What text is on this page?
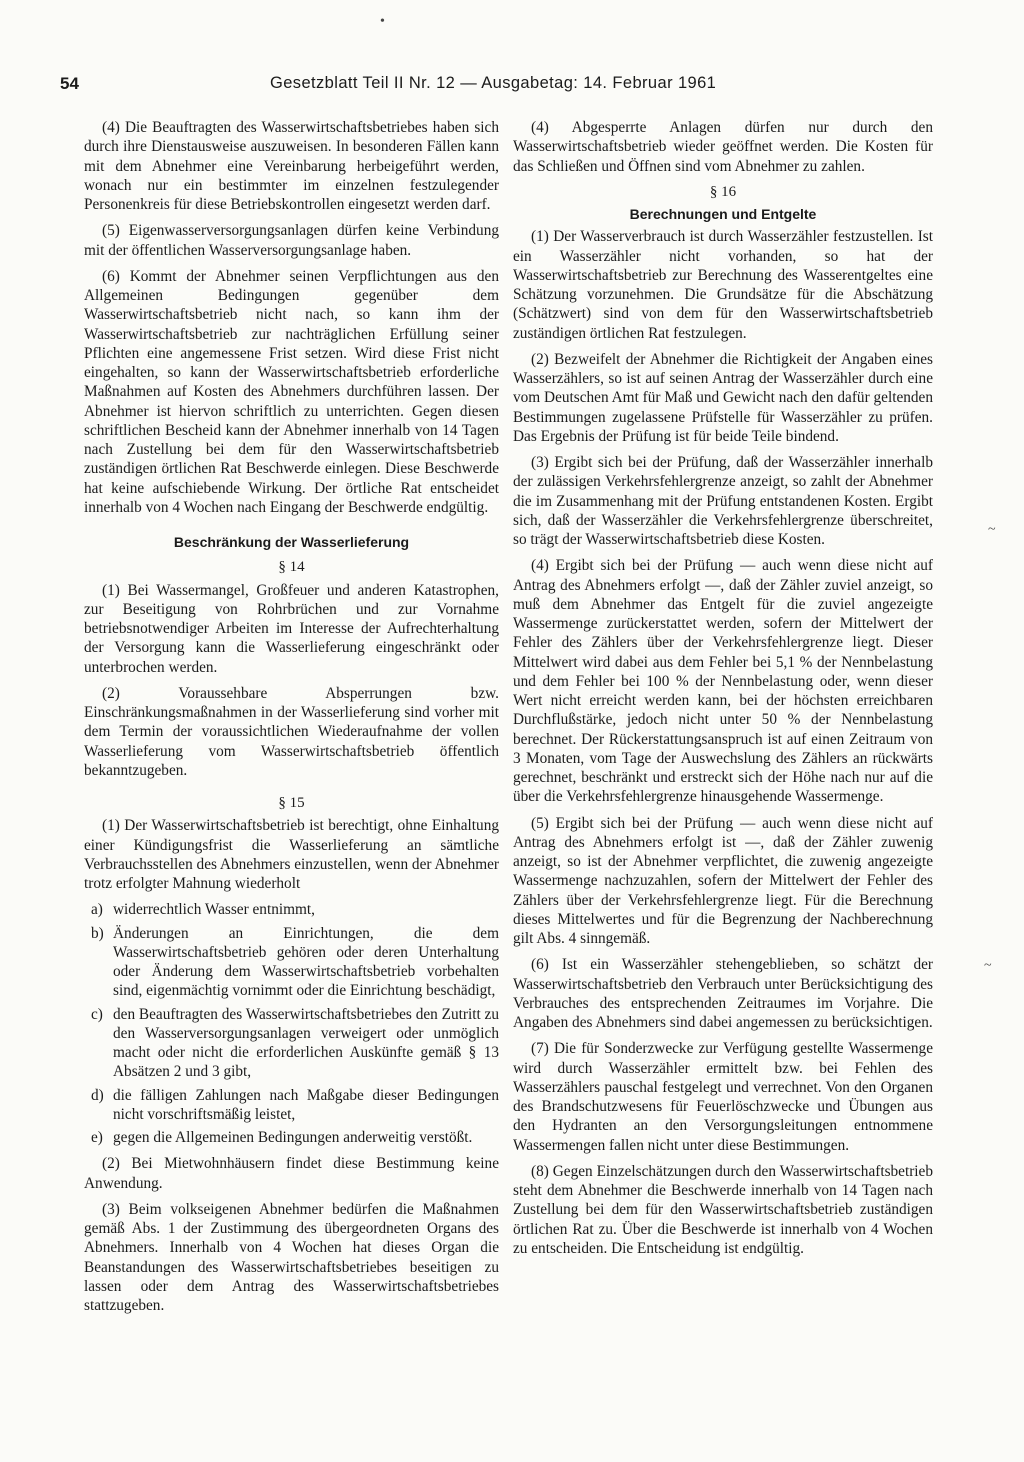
54	Gesetzblatt Teil II Nr. 12 — Ausgabetag: 14. Februar 1961
•
~
~

(4) Die Beauftragten des Wasserwirtschaftsbetriebes haben sich durch ihre Dienstausweise auszuweisen. In besonderen Fällen kann mit dem Abnehmer eine Vereinbarung herbeigeführt werden, wonach nur ein bestimmter im einzelnen festzulegender Personenkreis für diese Betriebskontrollen eingesetzt werden darf.

(5) Eigenwasserversorgungsanlagen dürfen keine Verbindung mit der öffentlichen Wasserversorgungsanlage haben.

(6) Kommt der Abnehmer seinen Verpflichtungen aus den Allgemeinen Bedingungen gegenüber dem Wasserwirtschaftsbetrieb nicht nach, so kann ihm der Wasserwirtschaftsbetrieb zur nachträglichen Erfüllung seiner Pflichten eine angemessene Frist setzen. Wird diese Frist nicht eingehalten, so kann der Wasserwirtschaftsbetrieb erforderliche Maßnahmen auf Kosten des Abnehmers durchführen lassen. Der Abnehmer ist hiervon schriftlich zu unterrichten. Gegen diesen schriftlichen Bescheid kann der Abnehmer innerhalb von 14 Tagen nach Zustellung bei dem für den Wasserwirtschaftsbetrieb zuständigen örtlichen Rat Beschwerde einlegen. Diese Beschwerde hat keine aufschiebende Wirkung. Der örtliche Rat entscheidet innerhalb von 4 Wochen nach Eingang der Beschwerde endgültig.

Beschränkung der Wasserlieferung
§ 14

(1) Bei Wassermangel, Großfeuer und anderen Katastrophen, zur Beseitigung von Rohrbrüchen und zur Vornahme betriebsnotwendiger Arbeiten im Interesse der Aufrechterhaltung der Versorgung kann die Wasserlieferung eingeschränkt oder unterbrochen werden.

(2) Voraussehbare Absperrungen bzw. Einschränkungsmaßnahmen in der Wasserlieferung sind vorher mit dem Termin der voraussichtlichen Wiederaufnahme der vollen Wasserlieferung vom Wasserwirtschaftsbetrieb öffentlich bekanntzugeben.

§ 15

(1) Der Wasserwirtschaftsbetrieb ist berechtigt, ohne Einhaltung einer Kündigungsfrist die Wasserlieferung an sämtliche Verbrauchsstellen des Abnehmers einzustellen, wenn der Abnehmer trotz erfolgter Mahnung wiederholt

a) widerrechtlich Wasser entnimmt,
b) Änderungen an Einrichtungen, die dem Wasserwirtschaftsbetrieb gehören oder deren Unterhaltung oder Änderung dem Wasserwirtschaftsbetrieb vorbehalten sind, eigenmächtig vornimmt oder die Einrichtung beschädigt,
c) den Beauftragten des Wasserwirtschaftsbetriebes den Zutritt zu den Wasserversorgungsanlagen verweigert oder unmöglich macht oder nicht die erforderlichen Auskünfte gemäß § 13 Absätzen 2 und 3 gibt,
d) die fälligen Zahlungen nach Maßgabe dieser Bedingungen nicht vorschriftsmäßig leistet,
e) gegen die Allgemeinen Bedingungen anderweitig verstößt.

(2) Bei Mietwohnhäusern findet diese Bestimmung keine Anwendung.

(3) Beim volkseigenen Abnehmer bedürfen die Maßnahmen gemäß Abs. 1 der Zustimmung des übergeordneten Organs des Abnehmers. Innerhalb von 4 Wochen hat dieses Organ die Beanstandungen des Wasserwirtschaftsbetriebes beseitigen zu lassen oder dem Antrag des Wasserwirtschaftsbetriebes stattzugeben.

(4) Abgesperrte Anlagen dürfen nur durch den Wasserwirtschaftsbetrieb wieder geöffnet werden. Die Kosten für das Schließen und Öffnen sind vom Abnehmer zu zahlen.

§ 16
Berechnungen und Entgelte

(1) Der Wasserverbrauch ist durch Wasserzähler festzustellen. Ist ein Wasserzähler nicht vorhanden, so hat der Wasserwirtschaftsbetrieb zur Berechnung des Wasserentgeltes eine Schätzung vorzunehmen. Die Grundsätze für die Abschätzung (Schätzwert) sind von dem für den Wasserwirtschaftsbetrieb zuständigen örtlichen Rat festzulegen.

(2) Bezweifelt der Abnehmer die Richtigkeit der Angaben eines Wasserzählers, so ist auf seinen Antrag der Wasserzähler durch eine vom Deutschen Amt für Maß und Gewicht nach den dafür geltenden Bestimmungen zugelassene Prüfstelle für Wasserzähler zu prüfen. Das Ergebnis der Prüfung ist für beide Teile bindend.

(3) Ergibt sich bei der Prüfung, daß der Wasserzähler innerhalb der zulässigen Verkehrsfehlergrenze anzeigt, so zahlt der Abnehmer die im Zusammenhang mit der Prüfung entstandenen Kosten. Ergibt sich, daß der Wasserzähler die Verkehrsfehlergrenze überschreitet, so trägt der Wasserwirtschaftsbetrieb diese Kosten.

(4) Ergibt sich bei der Prüfung — auch wenn diese nicht auf Antrag des Abnehmers erfolgt —, daß der Zähler zuviel anzeigt, so muß dem Abnehmer das Entgelt für die zuviel angezeigte Wassermenge zurückerstattet werden, sofern der Mittelwert der Fehler des Zählers über der Verkehrsfehlergrenze liegt. Dieser Mittelwert wird dabei aus dem Fehler bei 5,1 % der Nennbelastung und dem Fehler bei 100 % der Nennbelastung oder, wenn dieser Wert nicht erreicht werden kann, bei der höchsten erreichbaren Durchflußstärke, jedoch nicht unter 50 % der Nennbelastung berechnet. Der Rückerstattungsanspruch ist auf einen Zeitraum von 3 Monaten, vom Tage der Auswechslung des Zählers an rückwärts gerechnet, beschränkt und erstreckt sich der Höhe nach nur auf die über die Verkehrsfehlergrenze hinausgehende Wassermenge.

(5) Ergibt sich bei der Prüfung — auch wenn diese nicht auf Antrag des Abnehmers erfolgt ist —, daß der Zähler zuwenig anzeigt, so ist der Abnehmer verpflichtet, die zuwenig angezeigte Wassermenge nachzuzahlen, sofern der Mittelwert der Fehler des Zählers über der Verkehrsfehlergrenze liegt. Für die Berechnung dieses Mittelwertes und für die Begrenzung der Nachberechnung gilt Abs. 4 sinngemäß.

(6) Ist ein Wasserzähler stehengeblieben, so schätzt der Wasserwirtschaftsbetrieb den Verbrauch unter Berücksichtigung des Verbrauches des entsprechenden Zeitraumes im Vorjahre. Die Angaben des Abnehmers sind dabei angemessen zu berücksichtigen.

(7) Die für Sonderzwecke zur Verfügung gestellte Wassermenge wird durch Wasserzähler ermittelt bzw. bei Fehlen des Wasserzählers pauschal festgelegt und verrechnet. Von den Organen des Brandschutzwesens für Feuerlöschzwecke und Übungen aus den Hydranten an den Versorgungsleitungen entnommene Wassermengen fallen nicht unter diese Bestimmungen.

(8) Gegen Einzelschätzungen durch den Wasserwirtschaftsbetrieb steht dem Abnehmer die Beschwerde innerhalb von 14 Tagen nach Zustellung bei dem für den Wasserwirtschaftsbetrieb zuständigen örtlichen Rat zu. Über die Beschwerde ist innerhalb von 4 Wochen zu entscheiden. Die Entscheidung ist endgültig.
